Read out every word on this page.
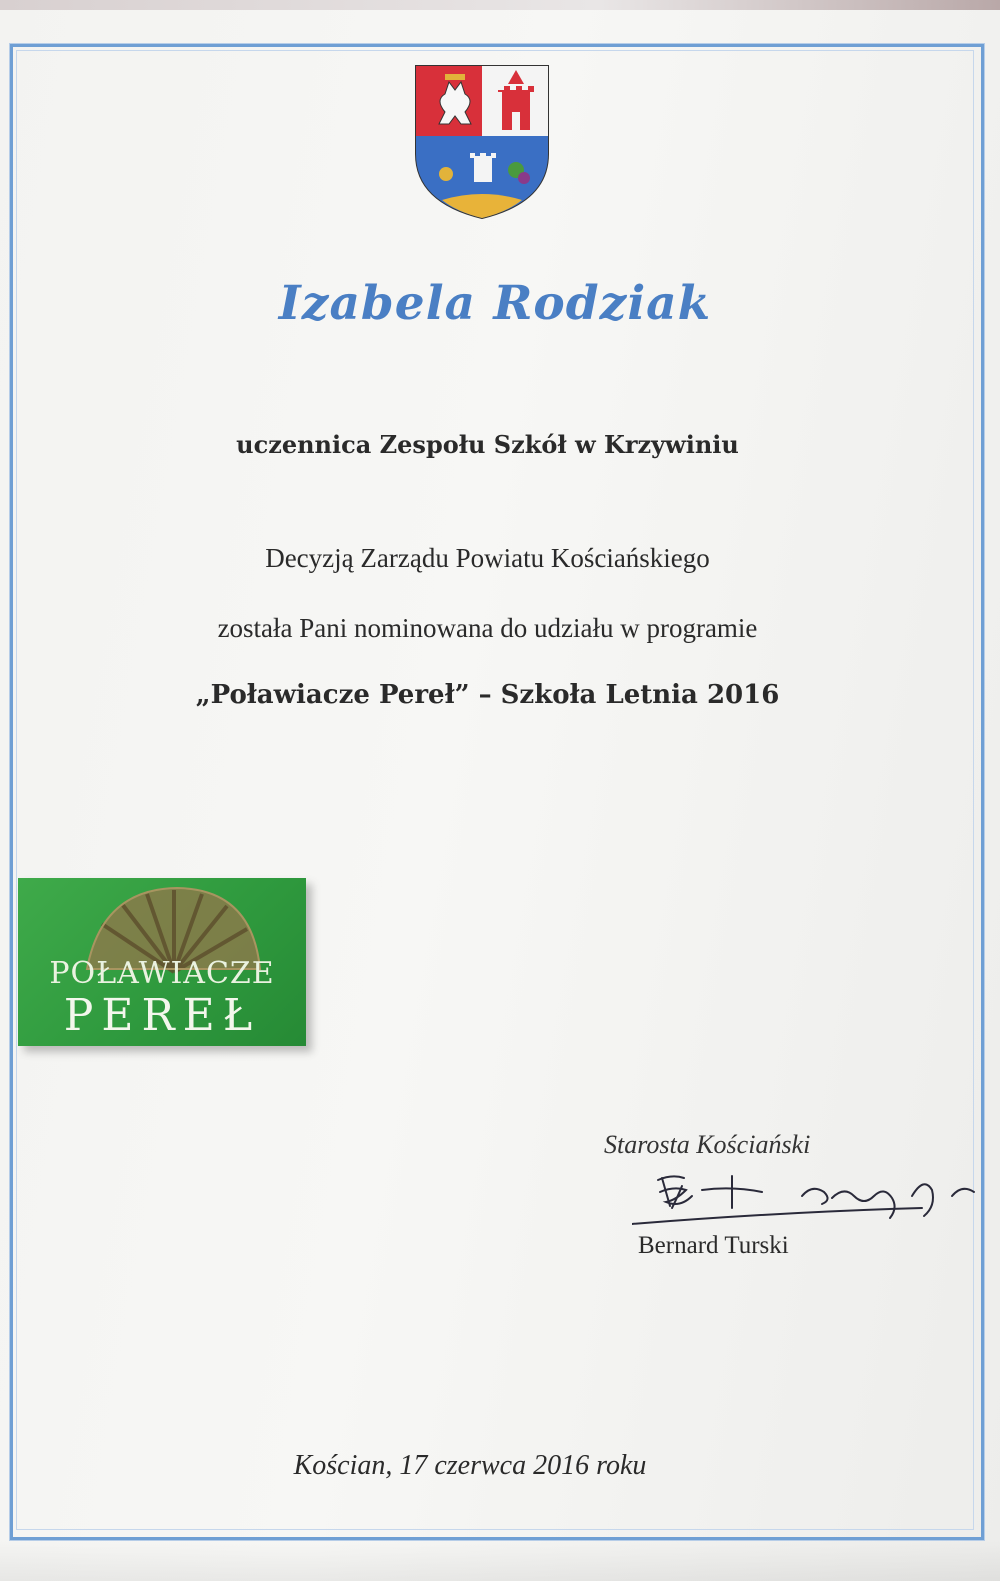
Izabela Rodziak
uczennica Zespołu Szkół w Krzywiniu
Decyzją Zarządu Powiatu Kościańskiego
została Pani nominowana do udziału w programie
„Poławiacze Pereł” – Szkoła Letnia 2016
POŁAWIACZE
PEREŁ
Starosta Kościański
Bernard Turski
Kościan, 17 czerwca 2016 roku
